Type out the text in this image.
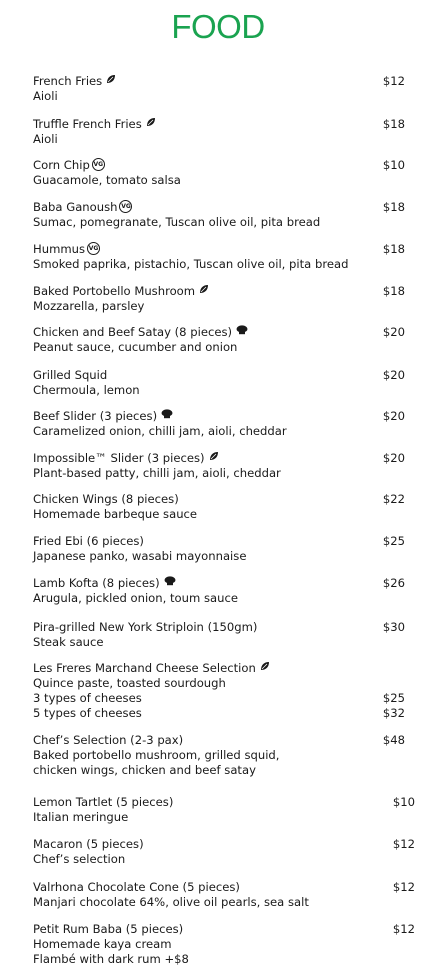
FOOD
French Fries	$12
Aioli
Truffle French Fries	$18
Aioli
Corn Chip VG	$10
Guacamole, tomato salsa
Baba Ganoush VG	$18
Sumac, pomegranate, Tuscan olive oil, pita bread
Hummus VG	$18
Smoked paprika, pistachio, Tuscan olive oil, pita bread
Baked Portobello Mushroom	$18
Mozzarella, parsley
Chicken and Beef Satay (8 pieces)	$20
Peanut sauce, cucumber and onion
Grilled Squid	$20
Chermoula, lemon
Beef Slider (3 pieces)	$20
Caramelized onion, chilli jam, aioli, cheddar
Impossible™ Slider (3 pieces)	$20
Plant-based patty, chilli jam, aioli, cheddar
Chicken Wings (8 pieces)	$22
Homemade barbeque sauce
Fried Ebi (6 pieces)	$25
Japanese panko, wasabi mayonnaise
Lamb Kofta (8 pieces)	$26
Arugula, pickled onion, toum sauce
Pira-grilled New York Striploin (150gm)	$30
Steak sauce
Les Freres Marchand Cheese Selection
Quince paste, toasted sourdough
3 types of cheeses	$25
5 types of cheeses	$32
Chef’s Selection (2-3 pax)	$48
Baked portobello mushroom, grilled squid,
chicken wings, chicken and beef satay
Lemon Tartlet (5 pieces)	$10
Italian meringue
Macaron (5 pieces)	$12
Chef’s selection
Valrhona Chocolate Cone (5 pieces)	$12
Manjari chocolate 64%, olive oil pearls, sea salt
Petit Rum Baba (5 pieces)	$12
Homemade kaya cream
Flambé with dark rum +$8
